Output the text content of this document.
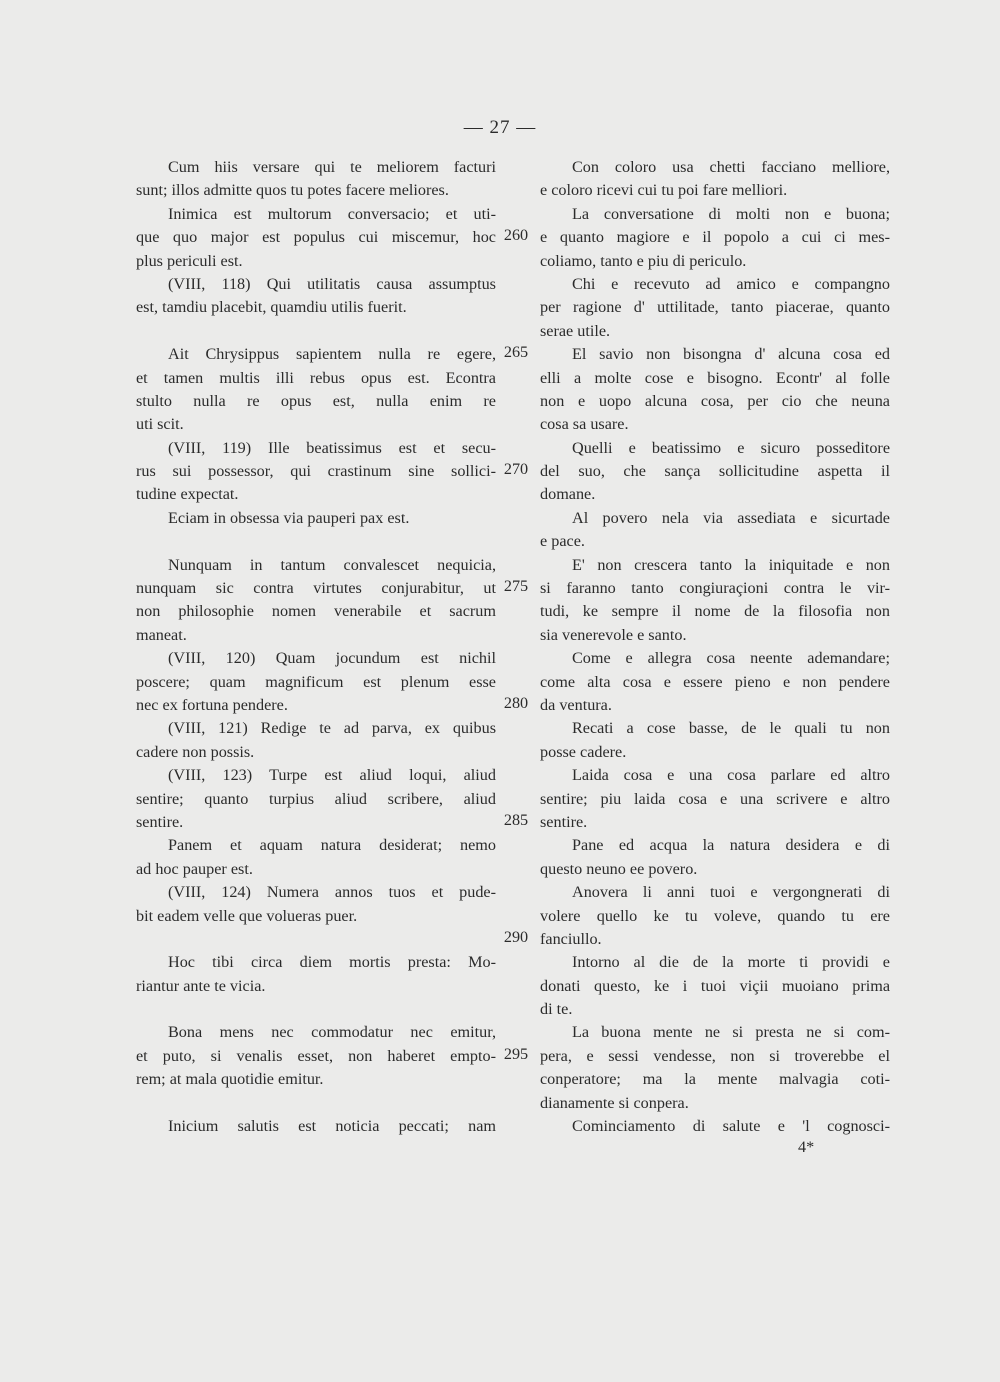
— 27 —
Cum hiis versare qui te meliorem facturi
sunt; illos admitte quos tu potes facere meliores.
Inimica est multorum conversacio; et uti-
que quo major est populus cui miscemur, hoc
plus periculi est.
(VIII, 118) Qui utilitatis causa assumptus
est, tamdiu placebit, quamdiu utilis fuerit.
Ait Chrysippus sapientem nulla re egere,
et tamen multis illi rebus opus est. Econtra
stulto nulla re opus est, nulla enim re
uti scit.
(VIII, 119) Ille beatissimus est et secu-
rus sui possessor, qui crastinum sine sollici-
tudine expectat.
Eciam in obsessa via pauperi pax est.
Nunquam in tantum convalescet nequicia,
nunquam sic contra virtutes conjurabitur, ut
non philosophie nomen venerabile et sacrum
maneat.
(VIII, 120) Quam jocundum est nichil
poscere; quam magnificum est plenum esse
nec ex fortuna pendere.
(VIII, 121) Redige te ad parva, ex quibus
cadere non possis.
(VIII, 123) Turpe est aliud loqui, aliud
sentire; quanto turpius aliud scribere, aliud
sentire.
Panem et aquam natura desiderat; nemo
ad hoc pauper est.
(VIII, 124) Numera annos tuos et pude-
bit eadem velle que volueras puer.
Hoc tibi circa diem mortis presta: Mo-
riantur ante te vicia.
Bona mens nec commodatur nec emitur,
et puto, si venalis esset, non haberet empto-
rem; at mala quotidie emitur.
Inicium salutis est noticia peccati; nam
260
265
270
275
280
285
290
295
Con coloro usa chetti facciano melliore,
e coloro ricevi cui tu poi fare melliori.
La conversatione di molti non e buona;
e quanto magiore e il popolo a cui ci mes-
coliamo, tanto e piu di periculo.
Chi e recevuto ad amico e compangno
per ragione d' uttilitade, tanto piacerae, quanto
serae utile.
El savio non bisongna d' alcuna cosa ed
elli a molte cose e bisogno. Econtr' al folle
non e uopo alcuna cosa, per cio che neuna
cosa sa usare.
Quelli e beatissimo e sicuro posseditore
del suo, che sança sollicitudine aspetta il
domane.
Al povero nela via assediata e sicurtade
e pace.
E' non crescera tanto la iniquitade e non
si faranno tanto congiuraçioni contra le vir-
tudi, ke sempre il nome de la filosofia non
sia venerevole e santo.
Come e allegra cosa neente ademandare;
come alta cosa e essere pieno e non pendere
da ventura.
Recati a cose basse, de le quali tu non
posse cadere.
Laida cosa e una cosa parlare ed altro
sentire; piu laida cosa e una scrivere e altro
sentire.
Pane ed acqua la natura desidera e di
questo neuno ee povero.
Anovera li anni tuoi e vergongnerati di
volere quello ke tu voleve, quando tu ere
fanciullo.
Intorno al die de la morte ti providi e
donati questo, ke i tuoi viçii muoiano prima
di te.
La buona mente ne si presta ne si com-
pera, e sessi vendesse, non si troverebbe el
conperatore; ma la mente malvagia coti-
dianamente si conpera.
Cominciamento di salute e 'l cognosci-
4*
